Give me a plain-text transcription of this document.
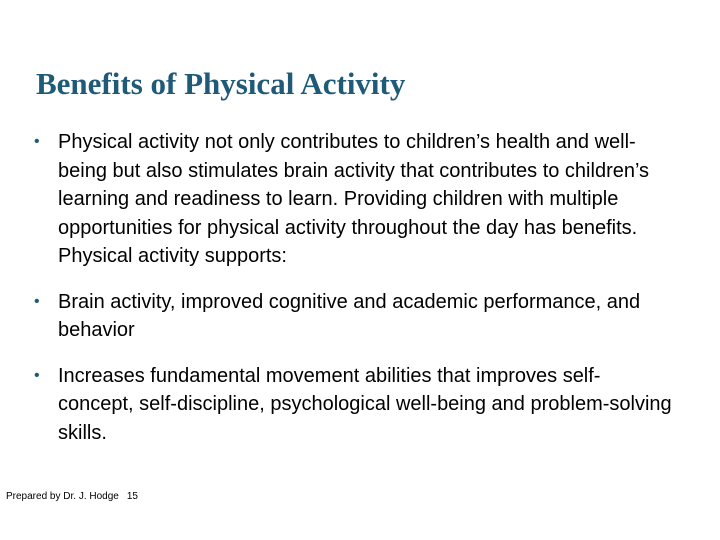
Benefits of Physical Activity
• Physical activity not only contributes to children’s health and well-being but also stimulates brain activity that contributes to children’s learning and readiness to learn. Providing children with multiple opportunities for physical activity throughout the day has benefits. Physical activity supports:
• Brain activity, improved cognitive and academic performance, and behavior
• Increases fundamental movement abilities that improves self-concept, self-discipline, psychological well-being and problem-solving skills.
Prepared by Dr. J. Hodge 15
